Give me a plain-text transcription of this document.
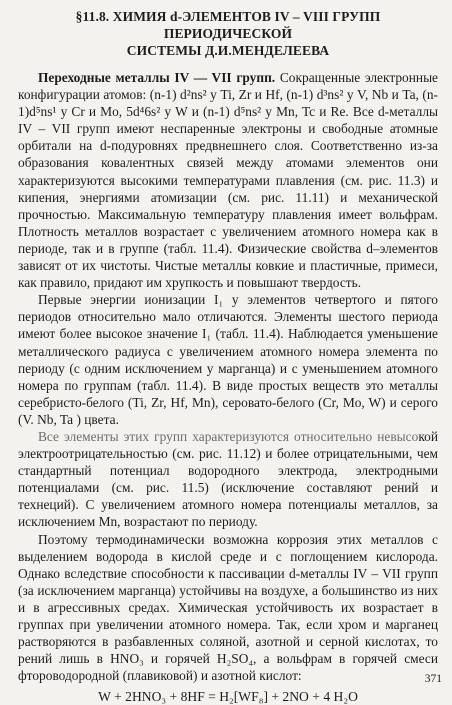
§11.8. ХИМИЯ d-ЭЛЕМЕНТОВ IV – VIII ГРУПП ПЕРИОДИЧЕСКОЙ
СИСТЕМЫ Д.И.МЕНДЕЛЕЕВА

Переходные металлы IV — VII групп. Сокращенные электронные конфигурации атомов: (n-1) d²ns² у Ti, Zr и Hf, (n-1) d³ns² у V, Nb и Ta, (n-1)d⁵ns¹ у Cr и Mo, 5d⁴6s² у W и (n-1) d⁵ns² у Mn, Tc и Re. Все d-металлы IV – VII групп имеют неспаренные электроны и свободные атомные орбитали на d-подуровнях предвнешнего слоя. Соответственно из-за образования ковалентных связей между атомами элементов они характеризуются высокими температурами плавления (см. рис. 11.3) и кипения, энергиями атомизации (см. рис. 11.11) и механической прочностью. Максимальную температуру плавления имеет вольфрам. Плотность металлов возрастает с увеличением атомного номера как в периоде, так и в группе (табл. 11.4). Физические свойства d–элементов зависят от их чистоты. Чистые металлы ковкие и пластичные, примеси, как правило, придают им хрупкость и повышают твердость.

Первые энергии ионизации I₁ у элементов четвертого и пятого периодов относительно мало отличаются. Элементы шестого периода имеют более высокое значение I₁ (табл. 11.4). Наблюдается уменьшение металлического радиуса с увеличением атомного номера элемента по периоду (с одним исключением у марганца) и с уменьшением атомного номера по группам (табл. 11.4). В виде простых веществ это металлы серебристо-белого (Ti, Zr, Hf, Mn), серовато-белого (Cr, Mo, W) и серого (V. Nb, Ta ) цвета.

Все элементы этих групп характеризуются относительно невысокой электроотрицательностью (см. рис. 11.12) и более отрицательными, чем стандартный потенциал водородного электрода, электродными потенциалами (см. рис. 11.5) (исключение составляют рений и технеций). С увеличением атомного номера потенциалы металлов, за исключением Mn, возрастают по периоду.

Поэтому термодинамически возможна коррозия этих металлов с выделением водорода в кислой среде и с поглощением кислорода. Однако вследствие способности к пассивации d-металлы IV – VII групп (за исключением марганца) устойчивы на воздухе, а большинство из них и в агрессивных средах. Химическая устойчивость их возрастает в группах при увеличении атомного номера. Так, если хром и марганец растворяются в разбавленных соляной, азотной и серной кислотах, то рений лишь в HNO₃ и горячей H₂SO₄, а вольфрам в горячей смеси фтороводородной (плавиковой) и азотной кислот:

W + 2HNO₃ + 8HF = H₂[WF₈] + 2NO + 4 H₂O
371
